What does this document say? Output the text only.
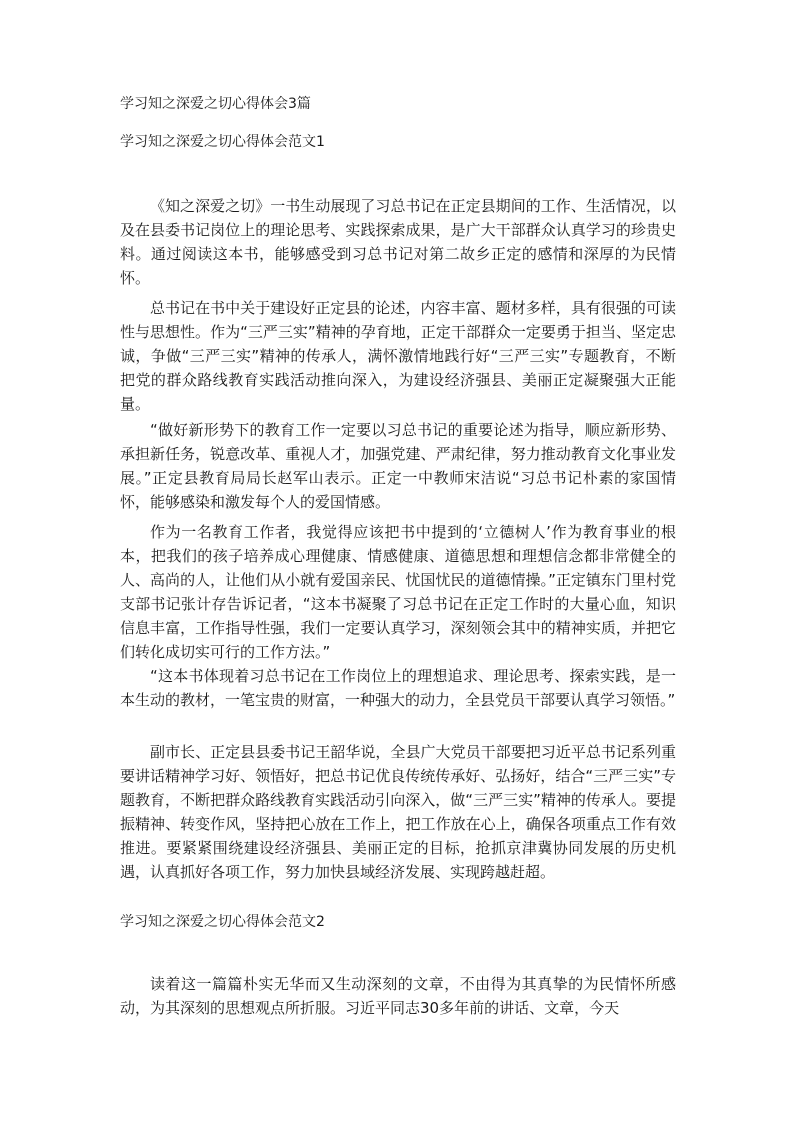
学习知之深爱之切心得体会3篇
学习知之深爱之切心得体会范文1

《知之深爱之切》一书生动展现了习总书记在正定县期间的工作、生活情况，以及在县委书记岗位上的理论思考、实践探索成果，是广大干部群众认真学习的珍贵史料。通过阅读这本书，能够感受到习总书记对第二故乡正定的感情和深厚的为民情怀。

总书记在书中关于建设好正定县的论述，内容丰富、题材多样，具有很强的可读性与思想性。作为“三严三实”精神的孕育地，正定干部群众一定要勇于担当、坚定忠诚，争做“三严三实”精神的传承人，满怀激情地践行好“三严三实”专题教育，不断把党的群众路线教育实践活动推向深入，为建设经济强县、美丽正定凝聚强大正能量。

“做好新形势下的教育工作一定要以习总书记的重要论述为指导，顺应新形势、承担新任务，锐意改革、重视人才，加强党建、严肃纪律，努力推动教育文化事业发展。”正定县教育局局长赵军山表示。正定一中教师宋洁说“习总书记朴素的家国情怀，能够感染和激发每个人的爱国情感。

作为一名教育工作者，我觉得应该把书中提到的‘立德树人’作为教育事业的根本，把我们的孩子培养成心理健康、情感健康、道德思想和理想信念都非常健全的人、高尚的人，让他们从小就有爱国亲民、忧国忧民的道德情操。”正定镇东门里村党支部书记张计存告诉记者，“这本书凝聚了习总书记在正定工作时的大量心血，知识信息丰富，工作指导性强，我们一定要认真学习，深刻领会其中的精神实质，并把它们转化成切实可行的工作方法。”

“这本书体现着习总书记在工作岗位上的理想追求、理论思考、探索实践，是一本生动的教材，一笔宝贵的财富，一种强大的动力，全县党员干部要认真学习领悟。”

副市长、正定县县委书记王韶华说，全县广大党员干部要把习近平总书记系列重要讲话精神学习好、领悟好，把总书记优良传统传承好、弘扬好，结合“三严三实”专题教育，不断把群众路线教育实践活动引向深入，做“三严三实”精神的传承人。要提振精神、转变作风，坚持把心放在工作上，把工作放在心上，确保各项重点工作有效推进。要紧紧围绕建设经济强县、美丽正定的目标，抢抓京津冀协同发展的历史机遇，认真抓好各项工作，努力加快县域经济发展、实现跨越赶超。

学习知之深爱之切心得体会范文2

读着这一篇篇朴实无华而又生动深刻的文章，不由得为其真挚的为民情怀所感动，为其深刻的思想观点所折服。习近平同志30多年前的讲话、文章，今天
